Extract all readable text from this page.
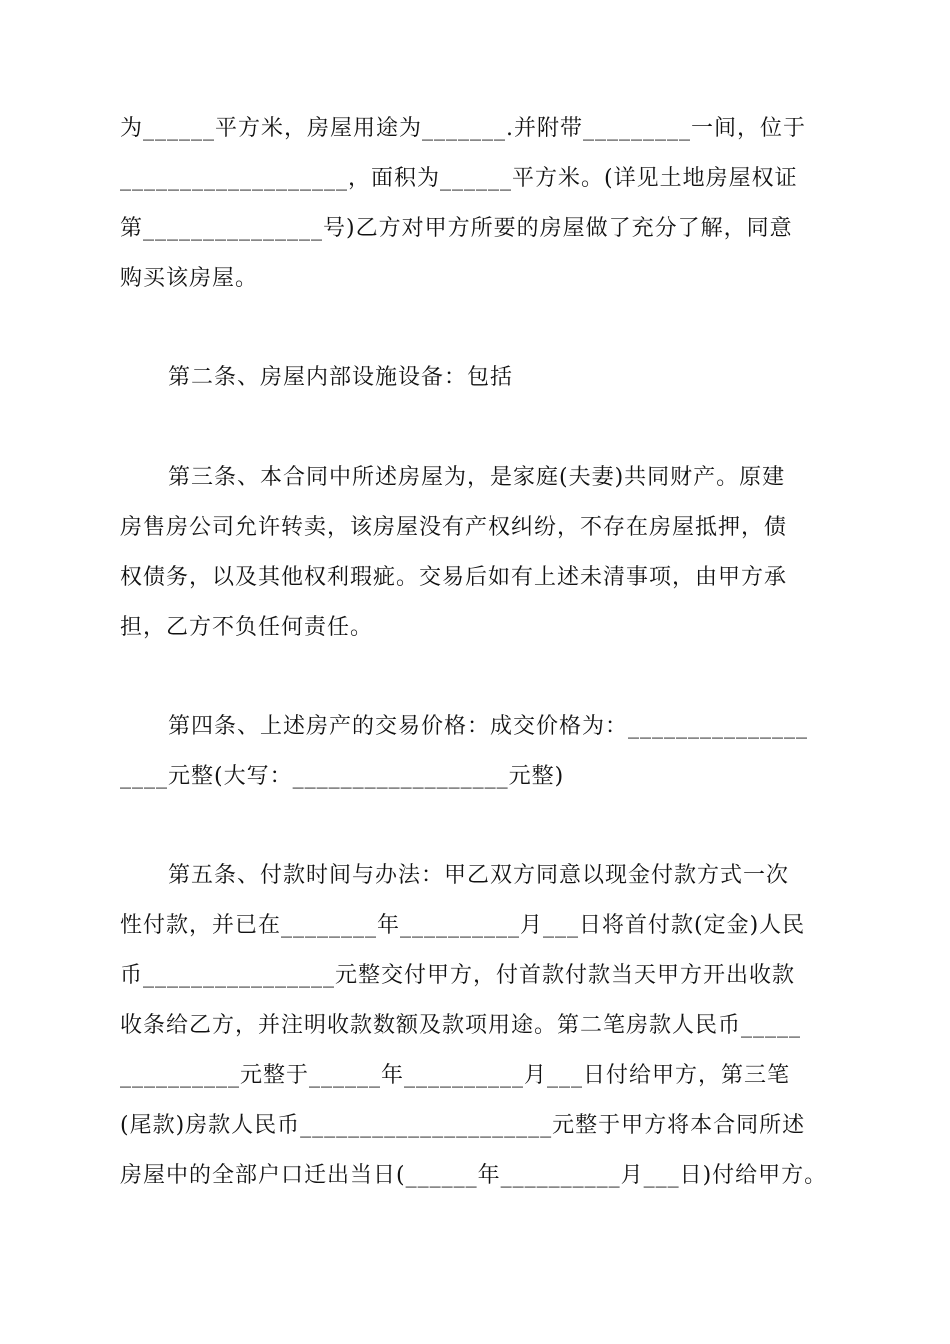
为______平方米，房屋用途为_______.并附带_________一间，位于
___________________，面积为______平方米。(详见土地房屋权证
第_______________号)乙方对甲方所要的房屋做了充分了解，同意
购买该房屋。
第二条、房屋内部设施设备：包括
第三条、本合同中所述房屋为，是家庭(夫妻)共同财产。原建
房售房公司允许转卖，该房屋没有产权纠纷，不存在房屋抵押，债
权债务，以及其他权利瑕疵。交易后如有上述未清事项，由甲方承
担，乙方不负任何责任。
第四条、上述房产的交易价格：成交价格为：_______________
____元整(大写：__________________元整)
第五条、付款时间与办法：甲乙双方同意以现金付款方式一次
性付款，并已在________年__________月___日将首付款(定金)人民
币________________元整交付甲方，付首款付款当天甲方开出收款
收条给乙方，并注明收款数额及款项用途。第二笔房款人民币_____
__________元整于______年__________月___日付给甲方，第三笔
(尾款)房款人民币_____________________元整于甲方将本合同所述
房屋中的全部户口迁出当日(______年__________月___日)付给甲方。
